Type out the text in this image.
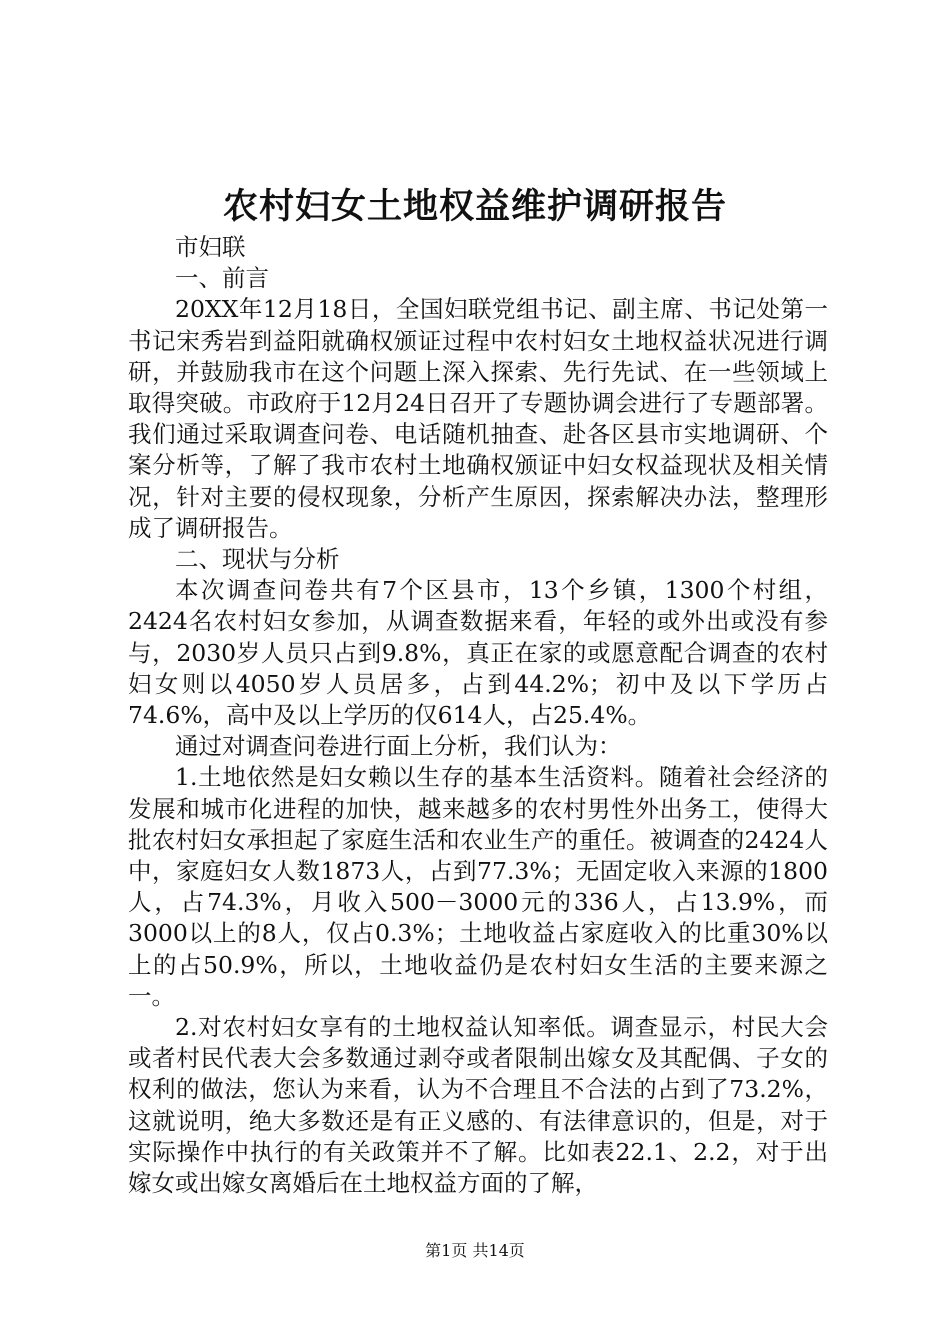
农村妇女土地权益维护调研报告

市妇联

一、前言

20XX年12月18日，全国妇联党组书记、副主席、书记处第一书记宋秀岩到益阳就确权颁证过程中农村妇女土地权益状况进行调研，并鼓励我市在这个问题上深入探索、先行先试、在一些领域上取得突破。市政府于12月24日召开了专题协调会进行了专题部署。我们通过采取调查问卷、电话随机抽查、赴各区县市实地调研、个案分析等，了解了我市农村土地确权颁证中妇女权益现状及相关情况，针对主要的侵权现象，分析产生原因，探索解决办法，整理形成了调研报告。

二、现状与分析

本次调查问卷共有7个区县市，13个乡镇，1300个村组，2424名农村妇女参加，从调查数据来看，年轻的或外出或没有参与，2030岁人员只占到9.8%，真正在家的或愿意配合调查的农村妇女则以4050岁人员居多，占到44.2%；初中及以下学历占74.6%，高中及以上学历的仅614人，占25.4%。

通过对调查问卷进行面上分析，我们认为：

1.土地依然是妇女赖以生存的基本生活资料。随着社会经济的发展和城市化进程的加快，越来越多的农村男性外出务工，使得大批农村妇女承担起了家庭生活和农业生产的重任。被调查的2424人中，家庭妇女人数1873人，占到77.3%；无固定收入来源的1800人，占74.3%，月收入500－3000元的336人，占13.9%，而3000以上的8人，仅占0.3%；土地收益占家庭收入的比重30%以上的占50.9%，所以，土地收益仍是农村妇女生活的主要来源之一。

2.对农村妇女享有的土地权益认知率低。调查显示，村民大会或者村民代表大会多数通过剥夺或者限制出嫁女及其配偶、子女的权利的做法，您认为来看，认为不合理且不合法的占到了73.2%，这就说明，绝大多数还是有正义感的、有法律意识的，但是，对于实际操作中执行的有关政策并不了解。比如表22.1、2.2，对于出嫁女或出嫁女离婚后在土地权益方面的了解，

第1页 共14页
